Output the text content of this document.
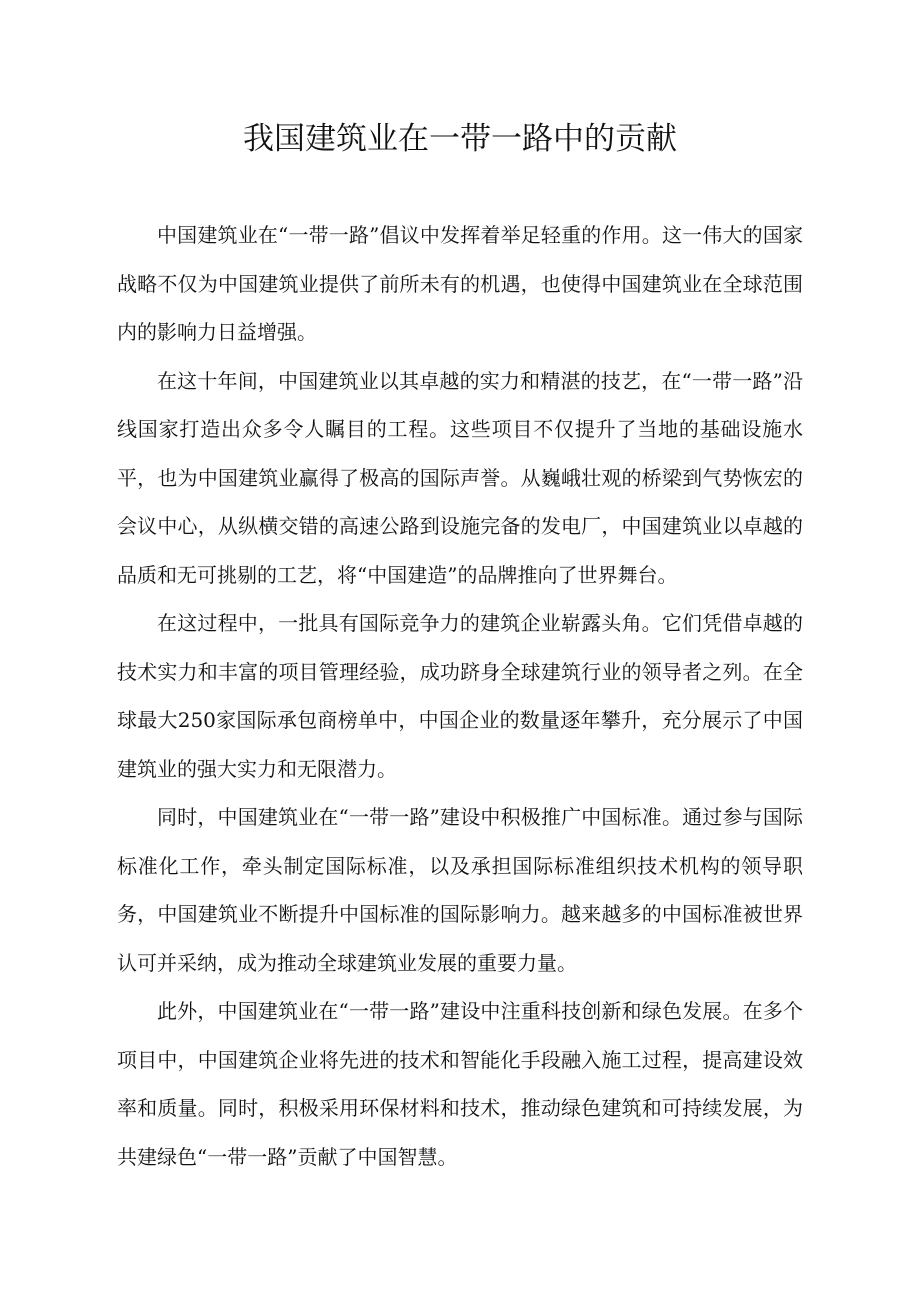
我国建筑业在一带一路中的贡献

中国建筑业在“一带一路”倡议中发挥着举足轻重的作用。这一伟大的国家战略不仅为中国建筑业提供了前所未有的机遇，也使得中国建筑业在全球范围内的影响力日益增强。

在这十年间，中国建筑业以其卓越的实力和精湛的技艺，在“一带一路”沿线国家打造出众多令人瞩目的工程。这些项目不仅提升了当地的基础设施水平，也为中国建筑业赢得了极高的国际声誉。从巍峨壮观的桥梁到气势恢宏的会议中心，从纵横交错的高速公路到设施完备的发电厂，中国建筑业以卓越的品质和无可挑剔的工艺，将“中国建造”的品牌推向了世界舞台。

在这过程中，一批具有国际竞争力的建筑企业崭露头角。它们凭借卓越的技术实力和丰富的项目管理经验，成功跻身全球建筑行业的领导者之列。在全球最大250家国际承包商榜单中，中国企业的数量逐年攀升，充分展示了中国建筑业的强大实力和无限潜力。

同时，中国建筑业在“一带一路”建设中积极推广中国标准。通过参与国际标准化工作，牵头制定国际标准，以及承担国际标准组织技术机构的领导职务，中国建筑业不断提升中国标准的国际影响力。越来越多的中国标准被世界认可并采纳，成为推动全球建筑业发展的重要力量。

此外，中国建筑业在“一带一路”建设中注重科技创新和绿色发展。在多个项目中，中国建筑企业将先进的技术和智能化手段融入施工过程，提高建设效率和质量。同时，积极采用环保材料和技术，推动绿色建筑和可持续发展，为共建绿色“一带一路”贡献了中国智慧。
